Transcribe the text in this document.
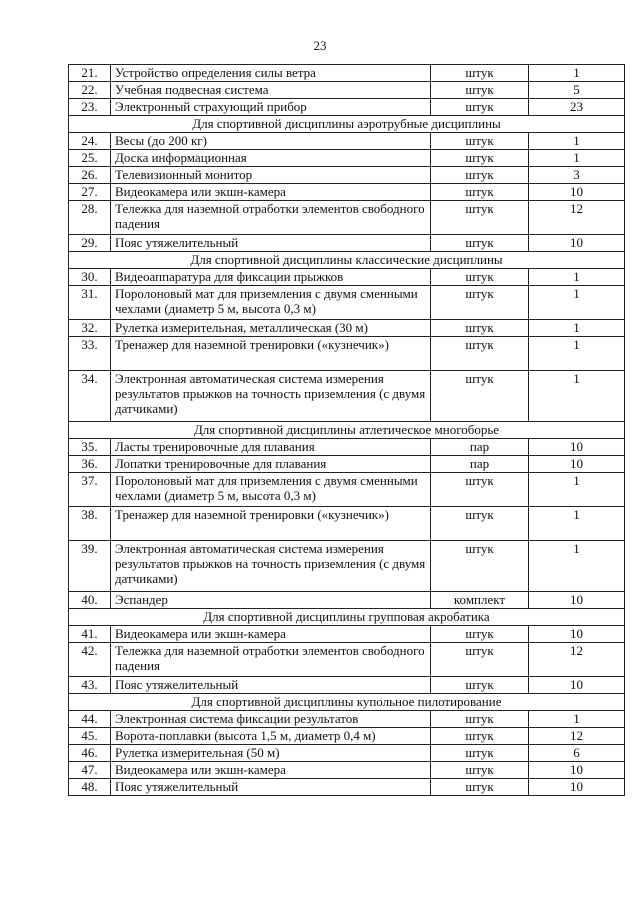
23
21.	Устройство определения силы ветра	штук	1
22.	Учебная подвесная система	штук	5
23.	Электронный страхующий прибор	штук	23
Для спортивной дисциплины аэротрубные дисциплины			
24.	Весы (до 200 кг)	штук	1
25.	Доска информационная	штук	1
26.	Телевизионный монитор	штук	3
27.	Видеокамера или экшн-камера	штук	10
28.	Тележка для наземной отработки элементов свободного падения	штук	12
29.	Пояс утяжелительный	штук	10
Для спортивной дисциплины классические дисциплины			
30.	Видеоаппаратура для фиксации прыжков	штук	1
31.	Поролоновый мат для приземления с двумя сменными чехлами (диаметр 5 м, высота 0,3 м)	штук	1
32.	Рулетка измерительная, металлическая (30 м)	штук	1
33.	Тренажер для наземной тренировки («кузнечик»)	штук	1
34.	Электронная автоматическая система измерения результатов прыжков на точность приземления (с двумя датчиками)	штук	1
Для спортивной дисциплины атлетическое многоборье			
35.	Ласты тренировочные для плавания	пар	10
36.	Лопатки тренировочные для плавания	пар	10
37.	Поролоновый мат для приземления с двумя сменными чехлами (диаметр 5 м, высота 0,3 м)	штук	1
38.	Тренажер для наземной тренировки («кузнечик»)	штук	1
39.	Электронная автоматическая система измерения результатов прыжков на точность приземления (с двумя датчиками)	штук	1
40.	Эспандер	комплект	10
Для спортивной дисциплины групповая акробатика			
41.	Видеокамера или экшн-камера	штук	10
42.	Тележка для наземной отработки элементов свободного падения	штук	12
43.	Пояс утяжелительный	штук	10
Для спортивной дисциплины купольное пилотирование			
44.	Электронная система фиксации результатов	штук	1
45.	Ворота-поплавки (высота 1,5 м, диаметр 0,4 м)	штук	12
46.	Рулетка измерительная (50 м)	штук	6
47.	Видеокамера или экшн-камера	штук	10
48.	Пояс утяжелительный	штук	10
